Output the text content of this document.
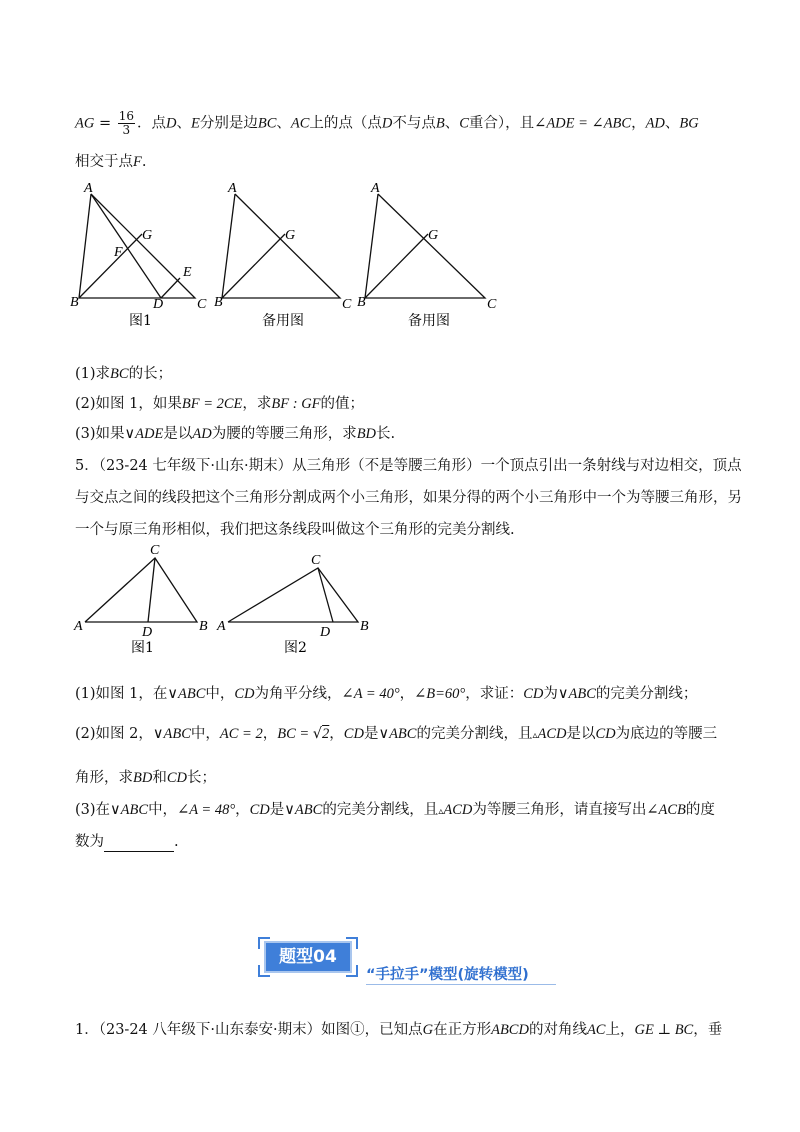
AG = $\frac{16}{3}$ ．点D、E分别是边BC、AC上的点（点D不与点B、C重合），且∠ADE = ∠ABC，AD、BG
相交于点F.
A
B	C
D
E
F
G
图1
A
B	C
G
备用图
A
B	C
G
备用图
(1)求BC的长；
(2)如图 1，如果BF = 2CE，求BF : GF的值；
(3)如果∨ADE是以AD为腰的等腰三角形，求BD长.
5．（23-24 七年级下·山东·期末）从三角形（不是等腰三角形）一个顶点引出一条射线与对边相交，顶点
与交点之间的线段把这个三角形分割成两个小三角形，如果分得的两个小三角形中一个为等腰三角形，另
一个与原三角形相似，我们把这条线段叫做这个三角形的完美分割线.
A	B
C
D
图1
A	B
C
D
图2
(1)如图 1，在∨ABC中，CD为角平分线，∠A = 40°，∠B=60°，求证：CD为∨ABC的完美分割线；
(2)如图 2，∨ABC中，AC = 2，BC = √2，CD是∨ABC的完美分割线，且▵ACD是以CD为底边的等腰三
角形，求BD和CD长；
(3)在∨ABC中，∠A = 48°，CD是∨ABC的完美分割线，且▵ACD为等腰三角形，请直接写出∠ACB的度
数为	.
题型04
“手拉手”模型(旋转模型)
1．（23-24 八年级下·山东泰安·期末）如图①，已知点G在正方形ABCD的对角线AC上，GE ⊥ BC，垂
